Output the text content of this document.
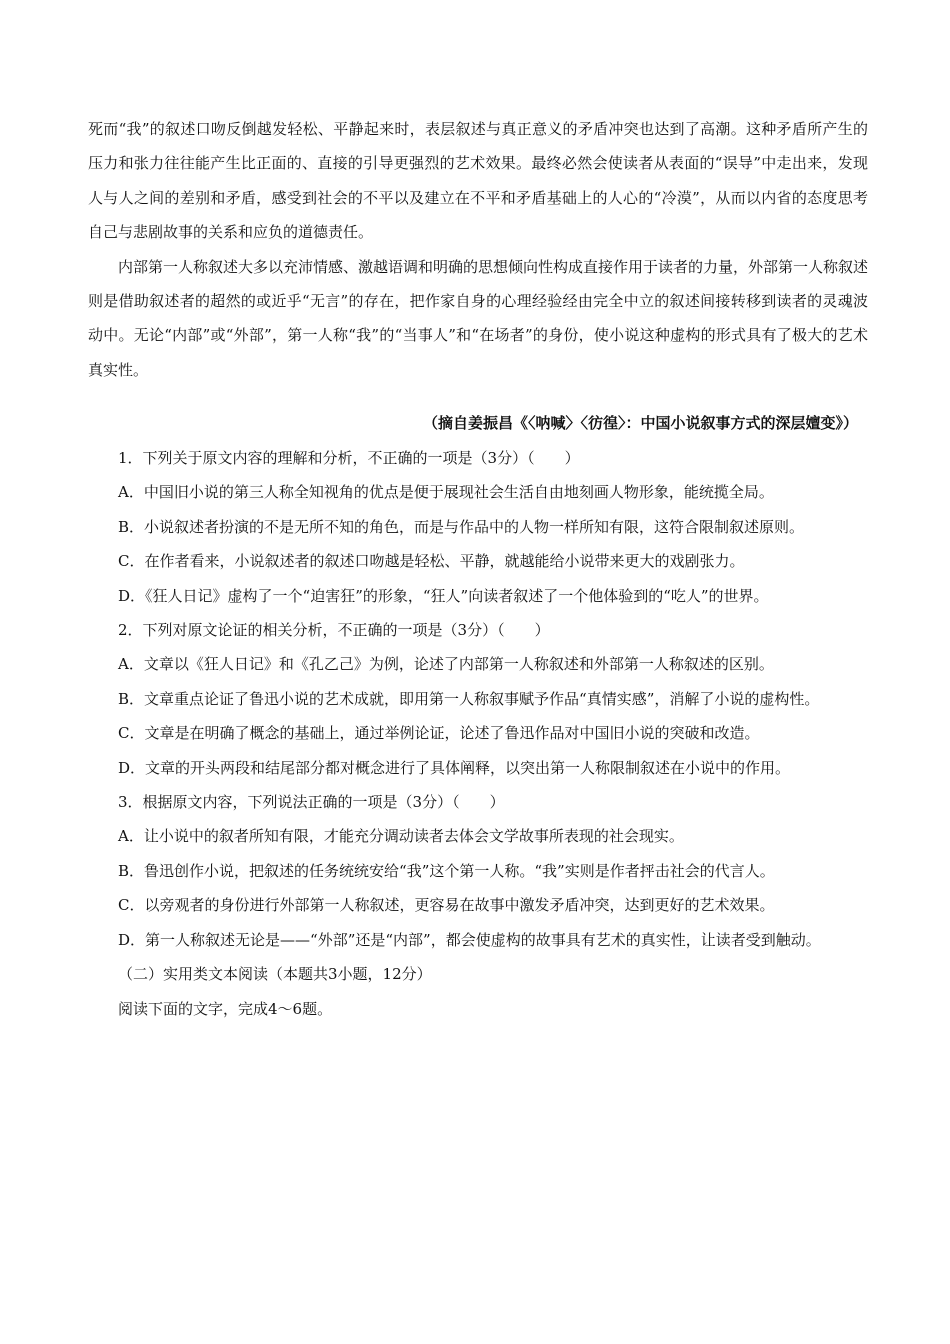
死而“我”的叙述口吻反倒越发轻松、平静起来时，表层叙述与真正意义的矛盾冲突也达到了高潮。这种矛盾所产生的压力和张力往往能产生比正面的、直接的引导更强烈的艺术效果。最终必然会使读者从表面的“误导”中走出来，发现人与人之间的差别和矛盾，感受到社会的不平以及建立在不平和矛盾基础上的人心的“冷漠”，从而以内省的态度思考自己与悲剧故事的关系和应负的道德责任。

内部第一人称叙述大多以充沛情感、激越语调和明确的思想倾向性构成直接作用于读者的力量，外部第一人称叙述则是借助叙述者的超然的或近乎“无言”的存在，把作家自身的心理经验经由完全中立的叙述间接转移到读者的灵魂波动中。无论“内部”或“外部”，第一人称“我”的“当事人”和“在场者”的身份，使小说这种虚构的形式具有了极大的艺术真实性。

（摘自姜振昌《〈呐喊〉〈彷徨〉：中国小说叙事方式的深层嬗变》）

1．下列关于原文内容的理解和分析，不正确的一项是（3分）（　　）

A．中国旧小说的第三人称全知视角的优点是便于展现社会生活自由地刻画人物形象，能统揽全局。

B．小说叙述者扮演的不是无所不知的角色，而是与作品中的人物一样所知有限，这符合限制叙述原则。

C．在作者看来，小说叙述者的叙述口吻越是轻松、平静，就越能给小说带来更大的戏剧张力。

D．《狂人日记》虚构了一个“迫害狂”的形象，“狂人”向读者叙述了一个他体验到的“吃人”的世界。

2．下列对原文论证的相关分析，不正确的一项是（3分）（　　）

A．文章以《狂人日记》和《孔乙己》为例，论述了内部第一人称叙述和外部第一人称叙述的区别。

B．文章重点论证了鲁迅小说的艺术成就，即用第一人称叙事赋予作品“真情实感”，消解了小说的虚构性。

C．文章是在明确了概念的基础上，通过举例论证，论述了鲁迅作品对中国旧小说的突破和改造。

D．文章的开头两段和结尾部分都对概念进行了具体阐释，以突出第一人称限制叙述在小说中的作用。

3．根据原文内容，下列说法正确的一项是（3分）（　　）

A．让小说中的叙者所知有限，才能充分调动读者去体会文学故事所表现的社会现实。

B．鲁迅创作小说，把叙述的任务统统安给“我”这个第一人称。“我”实则是作者抨击社会的代言人。

C．以旁观者的身份进行外部第一人称叙述，更容易在故事中激发矛盾冲突，达到更好的艺术效果。

D．第一人称叙述无论是——“外部”还是“内部”，都会使虚构的故事具有艺术的真实性，让读者受到触动。

（二）实用类文本阅读（本题共3小题，12分）

阅读下面的文字，完成4～6题。
